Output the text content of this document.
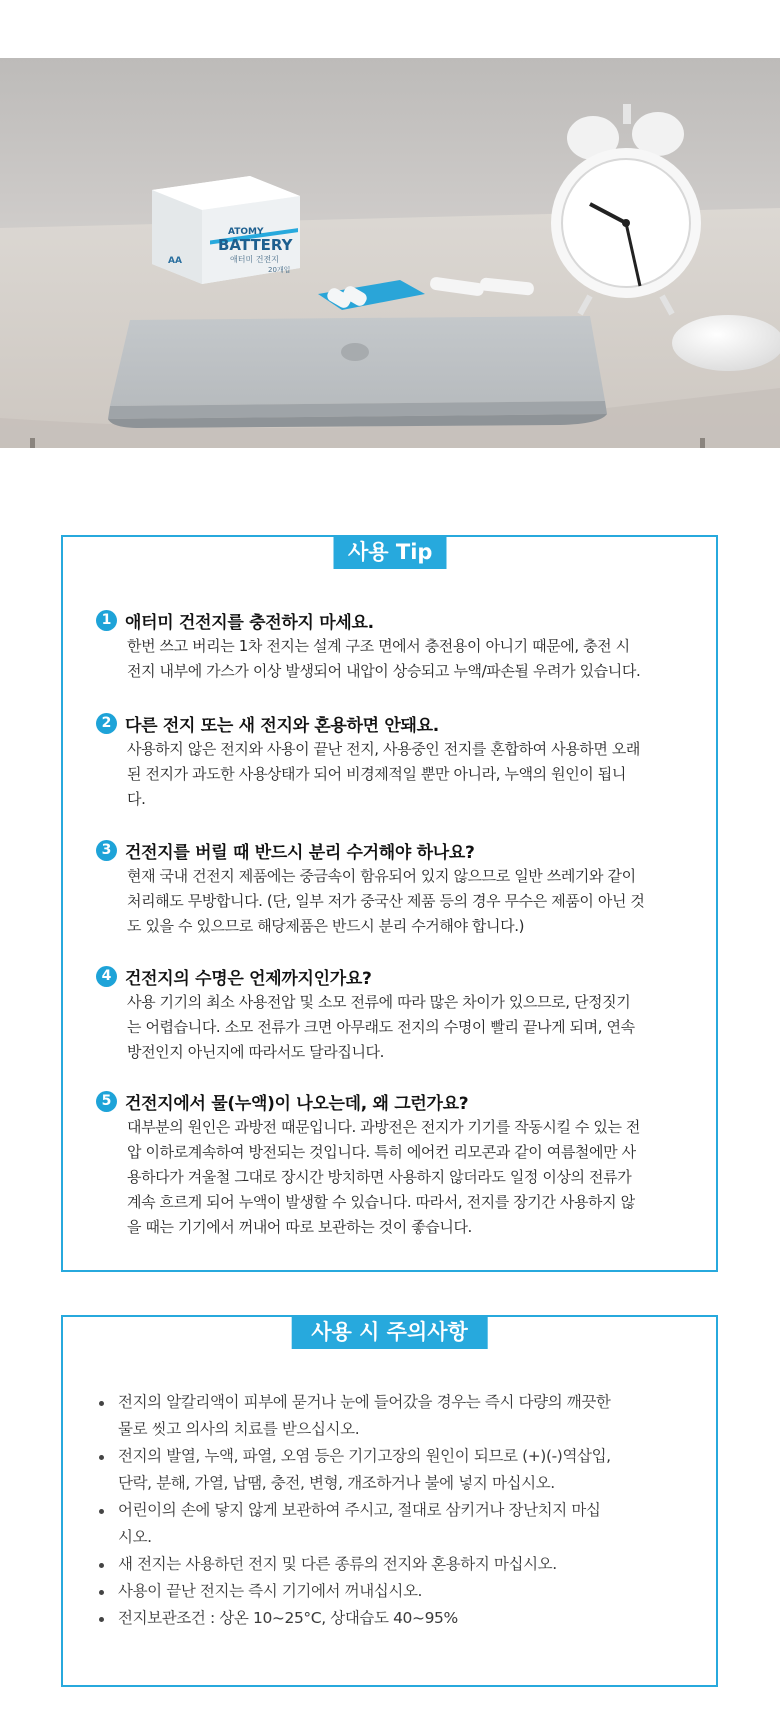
ATOMY
BATTERY
애터미 건전지
AA
20개입
사용 Tip
1 애터미 건전지를 충전하지 마세요.
한번 쓰고 버리는 1차 전지는 설계 구조 면에서 충전용이 아니기 때문에, 충전 시
전지 내부에 가스가 이상 발생되어 내압이 상승되고 누액/파손될 우려가 있습니다.
2 다른 전지 또는 새 전지와 혼용하면 안돼요.
사용하지 않은 전지와 사용이 끝난 전지, 사용중인 전지를 혼합하여 사용하면 오래
된 전지가 과도한 사용상태가 되어 비경제적일 뿐만 아니라, 누액의 원인이 됩니
다.
3 건전지를 버릴 때 반드시 분리 수거해야 하나요?
현재 국내 건전지 제품에는 중금속이 함유되어 있지 않으므로 일반 쓰레기와 같이
처리해도 무방합니다. (단, 일부 저가 중국산 제품 등의 경우 무수은 제품이 아닌 것
도 있을 수 있으므로 해당제품은 반드시 분리 수거해야 합니다.)
4 건전지의 수명은 언제까지인가요?
사용 기기의 최소 사용전압 및 소모 전류에 따라 많은 차이가 있으므로, 단정짓기
는 어렵습니다. 소모 전류가 크면 아무래도 전지의 수명이 빨리 끝나게 되며, 연속
방전인지 아닌지에 따라서도 달라집니다.
5 건전지에서 물(누액)이 나오는데, 왜 그런가요?
대부분의 원인은 과방전 때문입니다. 과방전은 전지가 기기를 작동시킬 수 있는 전
압 이하로계속하여 방전되는 것입니다. 특히 에어컨 리모콘과 같이 여름철에만 사
용하다가 겨울철 그대로 장시간 방치하면 사용하지 않더라도 일정 이상의 전류가
계속 흐르게 되어 누액이 발생할 수 있습니다. 따라서, 전지를 장기간 사용하지 않
을 때는 기기에서 꺼내어 따로 보관하는 것이 좋습니다.
사용 시 주의사항
전지의 알칼리액이 피부에 묻거나 눈에 들어갔을 경우는 즉시 다량의 깨끗한
물로 씻고 의사의 치료를 받으십시오.
전지의 발열, 누액, 파열, 오염 등은 기기고장의 원인이 되므로 (+)(-)역삽입,
단락, 분해, 가열, 납땜, 충전, 변형, 개조하거나 불에 넣지 마십시오.
어린이의 손에 닿지 않게 보관하여 주시고, 절대로 삼키거나 장난치지 마십
시오.
새 전지는 사용하던 전지 및 다른 종류의 전지와 혼용하지 마십시오.
사용이 끝난 전지는 즉시 기기에서 꺼내십시오.
전지보관조건 : 상온 10~25°C, 상대습도 40~95%
